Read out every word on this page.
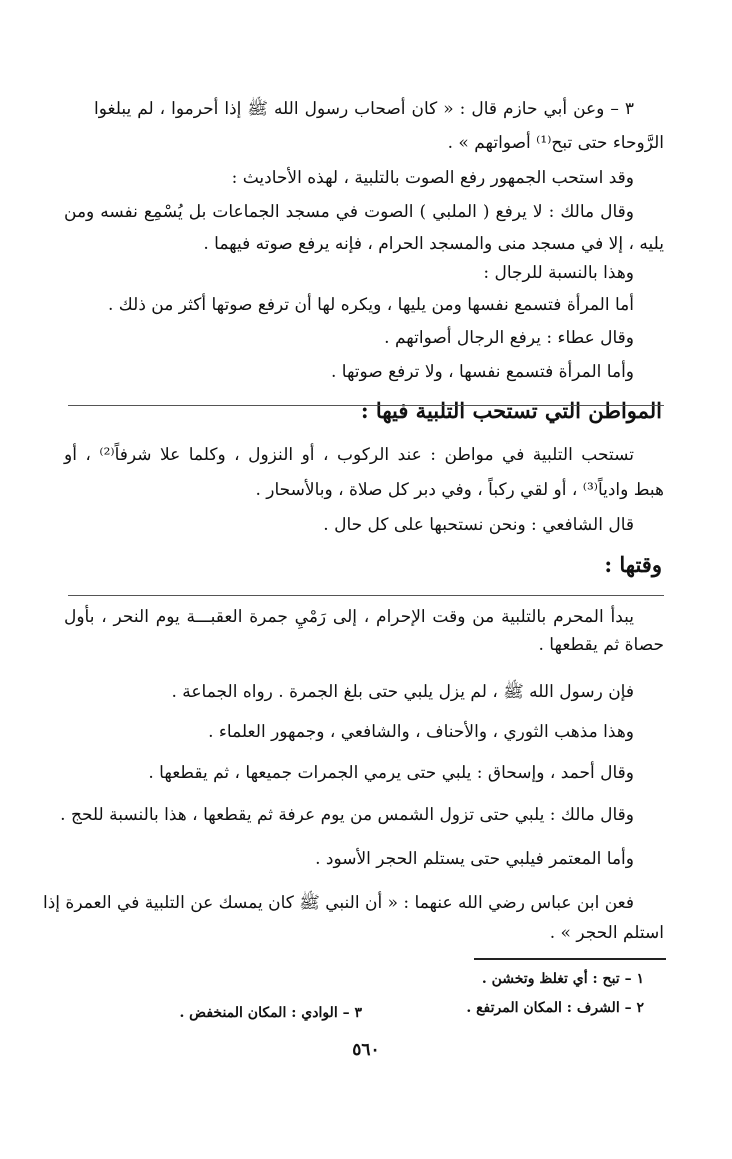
٣ – وعن أبي حازم قال : « كان أصحاب رسول الله ﷺ إذا أحرموا ، لم يبلغوا
الرَّوحاء حتى تبح⁽¹⁾ أصواتهم » .
وقد استحب الجمهور رفع الصوت بالتلبية ، لهذه الأحاديث :
وقال مالك : لا يرفع ( الملبي ) الصوت في مسجد الجماعات بل يُسْمِع نفسه ومن
يليه ، إلا في مسجد منى والمسجد الحرام ، فإنه يرفع صوته فيهما .
وهذا بالنسبة للرجال :
أما المرأة فتسمع نفسها ومن يليها ، ويكره لها أن ترفع صوتها أكثر من ذلك .
وقال عطاء : يرفع الرجال أصواتهم .
وأما المرأة فتسمع نفسها ، ولا ترفع صوتها .
المواطن التي تستحب التلبية فيها :
تستحب التلبية في مواطن : عند الركوب ، أو النزول ، وكلما علا شرفاً⁽²⁾ ، أو
هبط وادياً⁽³⁾ ، أو لقي ركباً ، وفي دبر كل صلاة ، وبالأسحار .
قال الشافعي : ونحن نستحبها على كل حال .
وقتها :
يبدأ المحرم بالتلبية من وقت الإحرام ، إلى رَمْيِ جمرة العقبـــة يوم النحر ، بأول
حصاة ثم يقطعها .
فإن رسول الله ﷺ ، لم يزل يلبي حتى بلغ الجمرة . رواه الجماعة .
وهذا مذهب الثوري ، والأحناف ، والشافعي ، وجمهور العلماء .
وقال أحمد ، وإسحاق : يلبي حتى يرمي الجمرات جميعها ، ثم يقطعها .
وقال مالك : يلبي حتى تزول الشمس من يوم عرفة ثم يقطعها ، هذا بالنسبة للحج .
وأما المعتمر فيلبي حتى يستلم الحجر الأسود .
فعن ابن عباس رضي الله عنهما : « أن النبي ﷺ كان يمسك عن التلبية في العمرة إذا
استلم الحجر » .
١ – تبح : أي تغلظ وتخشن .
٢ – الشرف : المكان المرتفع .
٣ – الوادي : المكان المنخفض .
٥٦٠
